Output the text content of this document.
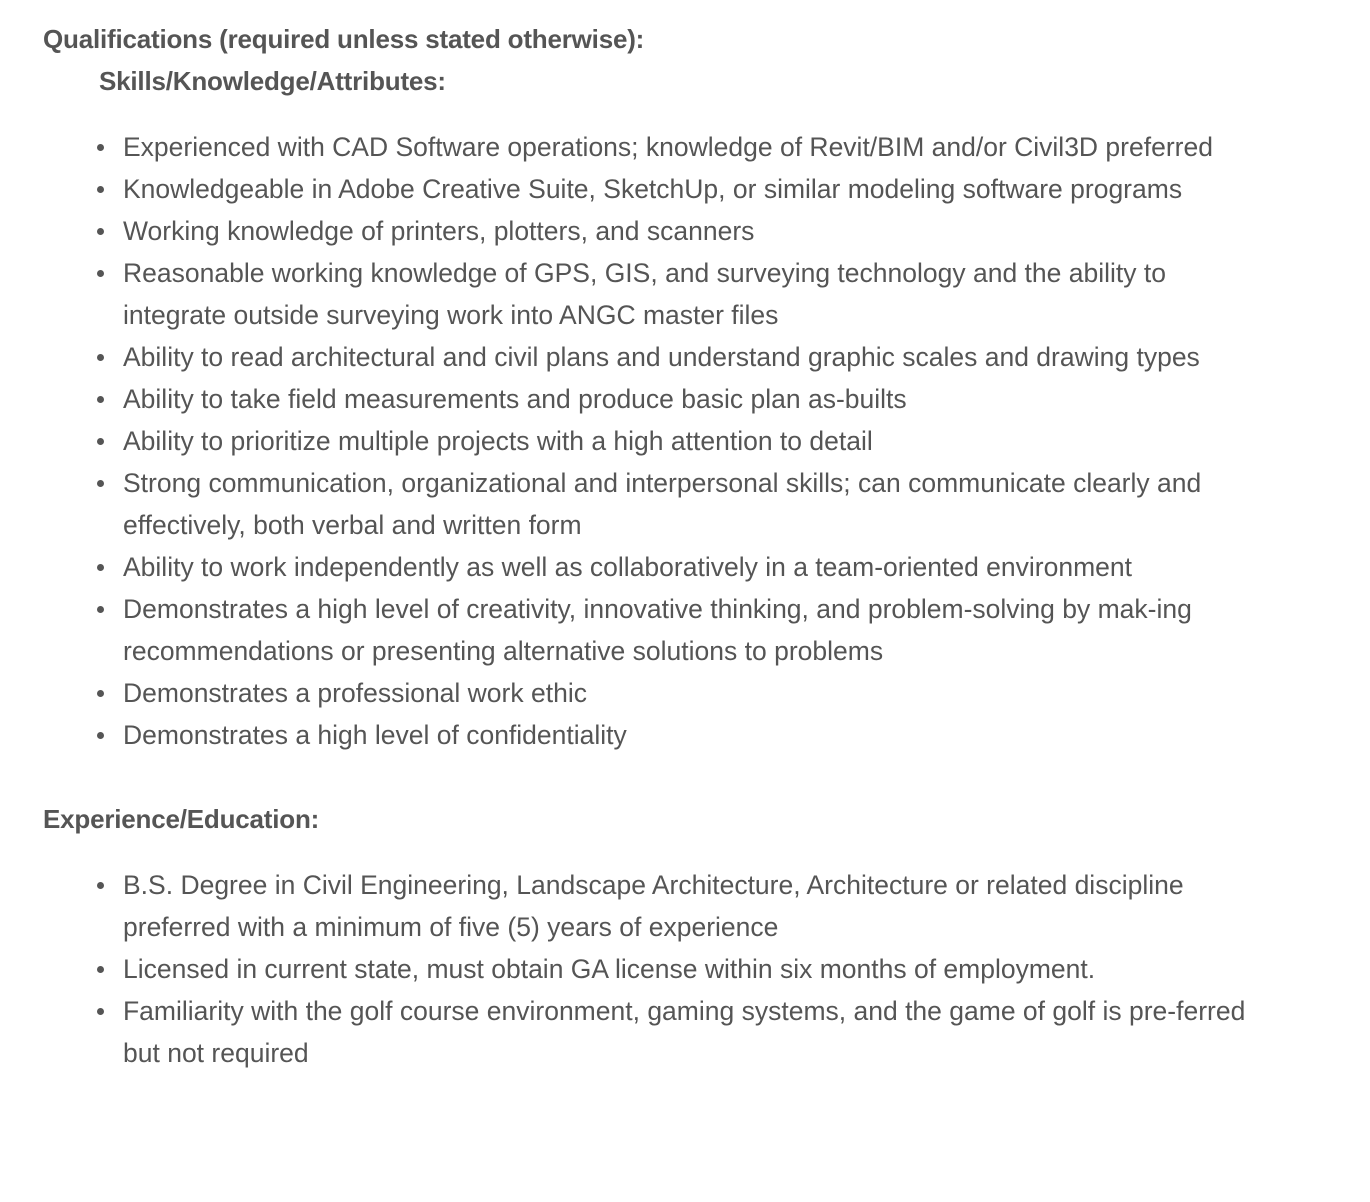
Qualifications (required unless stated otherwise):

Skills/Knowledge/Attributes:

Experienced with CAD Software operations; knowledge of Revit/BIM and/or Civil3D preferred
Knowledgeable in Adobe Creative Suite, SketchUp, or similar modeling software programs
Working knowledge of printers, plotters, and scanners
Reasonable working knowledge of GPS, GIS, and surveying technology and the ability to integrate outside surveying work into ANGC master files
Ability to read architectural and civil plans and understand graphic scales and drawing types
Ability to take field measurements and produce basic plan as-builts
Ability to prioritize multiple projects with a high attention to detail
Strong communication, organizational and interpersonal skills; can communicate clearly and effectively, both verbal and written form
Ability to work independently as well as collaboratively in a team-oriented environment
Demonstrates a high level of creativity, innovative thinking, and problem-solving by mak-ing recommendations or presenting alternative solutions to problems
Demonstrates a professional work ethic
Demonstrates a high level of confidentiality

Experience/Education:

B.S. Degree in Civil Engineering, Landscape Architecture, Architecture or related discipline preferred with a minimum of five (5) years of experience
Licensed in current state, must obtain GA license within six months of employment.
Familiarity with the golf course environment, gaming systems, and the game of golf is pre-ferred but not required
